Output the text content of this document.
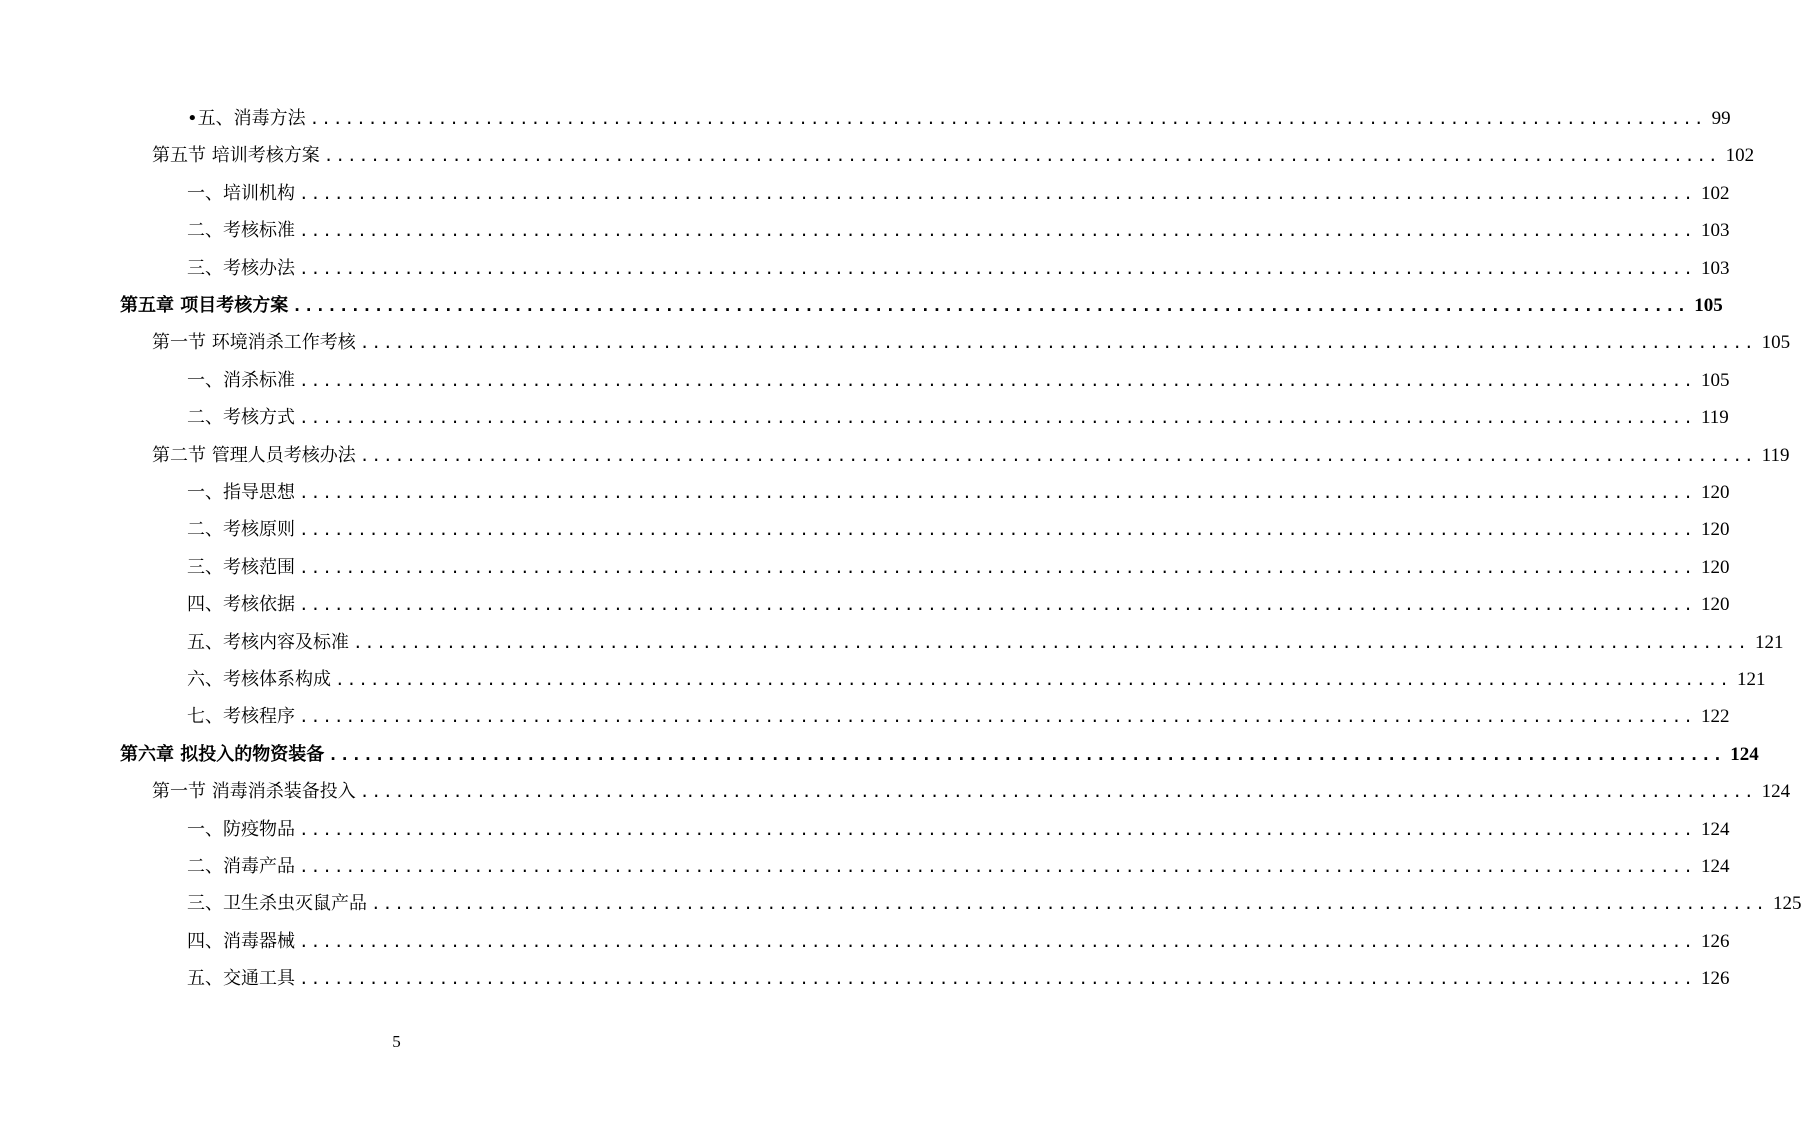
•五、消毒方法 ........................................................................................................................ 99
第五节 培训考核方案 ........................................................................................................................ 102
一、培训机构 ........................................................................................................................ 102
二、考核标准 ........................................................................................................................ 103
三、考核办法 ........................................................................................................................ 103
第五章 项目考核方案 ........................................................................................................................ 105
第一节 环境消杀工作考核 ........................................................................................................................ 105
一、消杀标准 ........................................................................................................................ 105
二、考核方式 ........................................................................................................................ 119
第二节 管理人员考核办法 ........................................................................................................................ 119
一、指导思想 ........................................................................................................................ 120
二、考核原则 ........................................................................................................................ 120
三、考核范围 ........................................................................................................................ 120
四、考核依据 ........................................................................................................................ 120
五、考核内容及标准 ........................................................................................................................ 121
六、考核体系构成 ........................................................................................................................ 121
七、考核程序 ........................................................................................................................ 122
第六章 拟投入的物资装备 ........................................................................................................................ 124
第一节 消毒消杀装备投入 ........................................................................................................................ 124
一、防疫物品 ........................................................................................................................ 124
二、消毒产品 ........................................................................................................................ 124
三、卫生杀虫灭鼠产品 ........................................................................................................................ 125
四、消毒器械 ........................................................................................................................ 126
五、交通工具 ........................................................................................................................ 126
5
